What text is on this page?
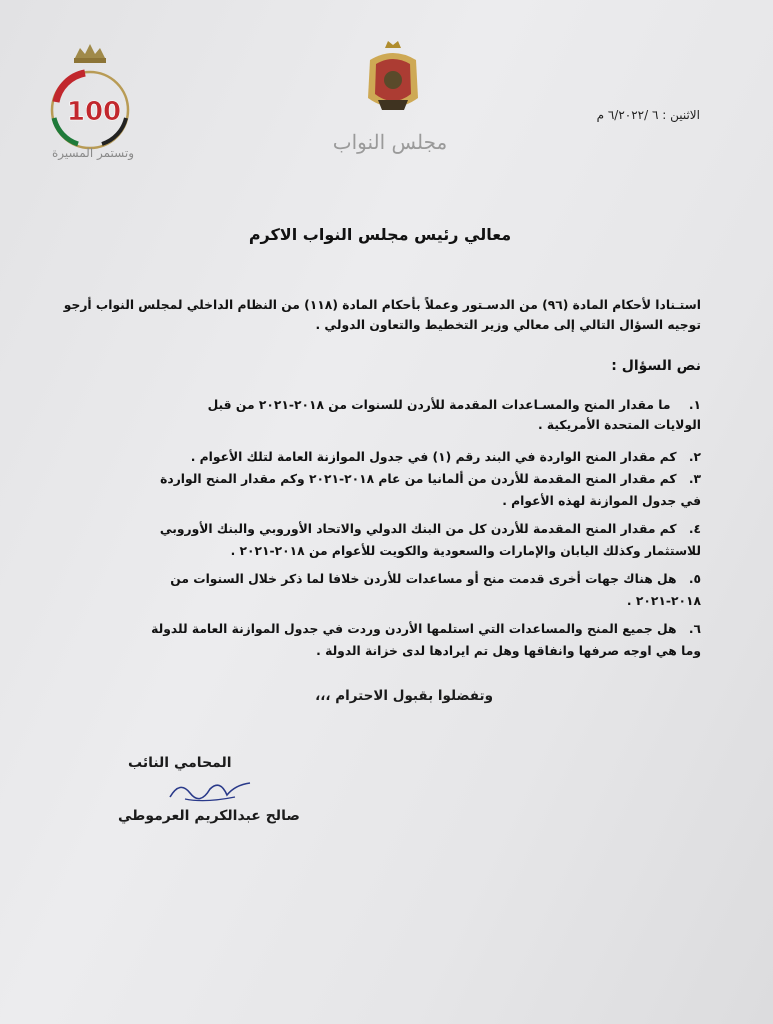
100
وتستمر المسيرة	مجلس النواب
الاثنين : ٦ /٦/٢٠٢٢ م
معالي رئيس مجلس النواب الاكرم
استـنادا لأحكام المادة (٩٦) من الدسـتور وعملاً بأحكام المادة (١١٨) من النظام الداخلي لمجلس النواب أرجو
توجيه السؤال التالي إلى معالي وزير التخطيط والتعاون الدولي .
نص السؤال :
١. ما مقدار المنح والمسـاعدات المقدمة للأردن للسنوات من ٢٠١٨-٢٠٢١ من قبل
الولايات المتحدة الأمريكية .
٢. كم مقدار المنح الواردة في البند رقم (١) في جدول الموازنة العامة لتلك الأعوام .
٣. كم مقدار المنح المقدمة للأردن من ألمانيا من عام ٢٠١٨-٢٠٢١ وكم مقدار المنح الواردة
في جدول الموازنة لهذه الأعوام .
٤. كم مقدار المنح المقدمة للأردن كل من البنك الدولي والاتحاد الأوروبي والبنك الأوروبي
للاستثمار وكذلك اليابان والإمارات والسعودية والكويت للأعوام من ٢٠١٨-٢٠٢١ .
٥. هل هناك جهات أخرى قدمت منح أو مساعدات للأردن خلافا لما ذكر خلال السنوات من
٢٠١٨-٢٠٢١ .
٦. هل جميع المنح والمساعدات التي استلمها الأردن وردت في جدول الموازنة العامة للدولة
وما هي اوجه صرفها وانفاقها وهل تم ايرادها لدى خزانة الدولة .
وتفضلوا بقبول الاحترام ،،،
المحامي النائب
صالح عبدالكريم العرموطي
